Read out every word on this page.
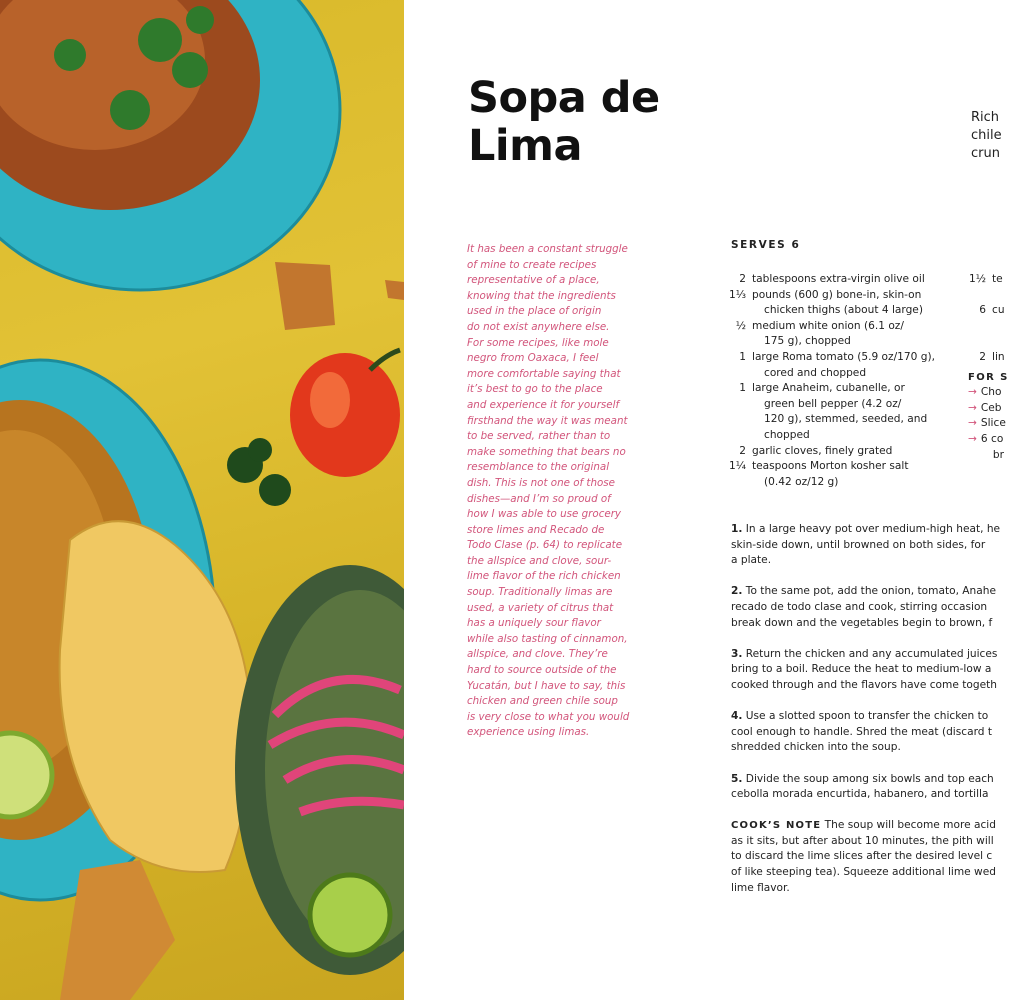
Sopa de Lima
Rich
chile
crun
It has been a constant struggle
of mine to create recipes
representative of a place,
knowing that the ingredients
used in the place of origin
do not exist anywhere else.
For some recipes, like mole
negro from Oaxaca, I feel
more comfortable saying that
it’s best to go to the place
and experience it for yourself
firsthand the way it was meant
to be served, rather than to
make something that bears no
resemblance to the original
dish. This is not one of those
dishes—and I’m so proud of
how I was able to use grocery
store limes and Recado de
Todo Clase (p. 64) to replicate
the allspice and clove, sour-
lime flavor of the rich chicken
soup. Traditionally limas are
used, a variety of citrus that
has a uniquely sour flavor
while also tasting of cinnamon,
allspice, and clove. They’re
hard to source outside of the
Yucatán, but I have to say, this
chicken and green chile soup
is very close to what you would
experience using limas.
SERVES 6
2 tablespoons extra-virgin olive oil
1⅓ pounds (600 g) bone-in, skin-on
chicken thighs (about 4 large)
½ medium white onion (6.1 oz/
175 g), chopped
1 large Roma tomato (5.9 oz/170 g),
cored and chopped
1 large Anaheim, cubanelle, or
green bell pepper (4.2 oz/
120 g), stemmed, seeded, and
chopped
2 garlic cloves, finely grated
1¼ teaspoons Morton kosher salt
(0.42 oz/12 g)
1½ te
6 cu
2 lin
FOR S
→ Cho
→ Ceb
→ Slice
→ 6 co
br
1. In a large heavy pot over medium-high heat, he
skin-side down, until browned on both sides, for
a plate.
2. To the same pot, add the onion, tomato, Anahe
recado de todo clase and cook, stirring occasion
break down and the vegetables begin to brown, f
3. Return the chicken and any accumulated juices
bring to a boil. Reduce the heat to medium-low a
cooked through and the flavors have come togeth
4. Use a slotted spoon to transfer the chicken to
cool enough to handle. Shred the meat (discard t
shredded chicken into the soup.
5. Divide the soup among six bowls and top each
cebolla morada encurtida, habanero, and tortilla
COOK’S NOTE The soup will become more acid
as it sits, but after about 10 minutes, the pith will
to discard the lime slices after the desired level c
of like steeping tea). Squeeze additional lime wed
lime flavor.
